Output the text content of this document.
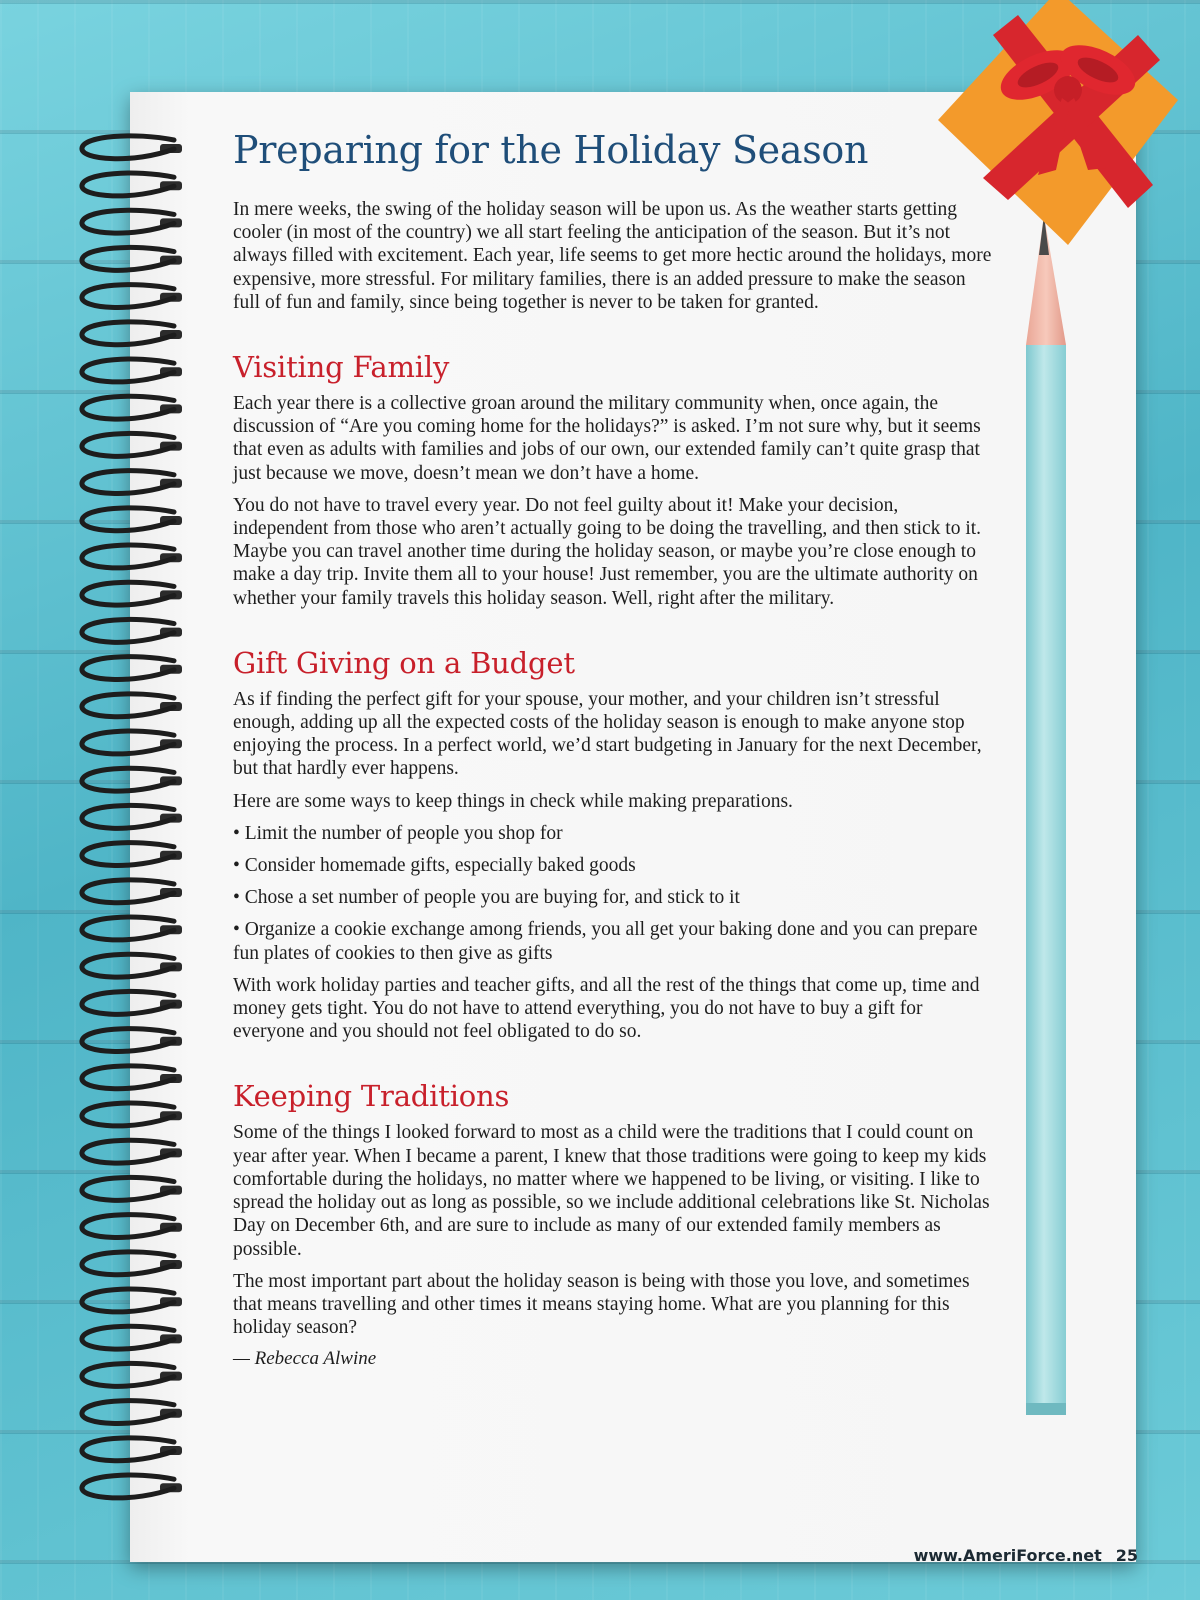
Preparing for the Holiday Season

In mere weeks, the swing of the holiday season will be upon us. As the weather starts getting cooler (in most of the country) we all start feeling the anticipation of the season. But it’s not always filled with excitement. Each year, life seems to get more hectic around the holidays, more expensive, more stressful. For military families, there is an added pressure to make the season full of fun and family, since being together is never to be taken for granted.

Visiting Family

Each year there is a collective groan around the military community when, once again, the discussion of “Are you coming home for the holidays?” is asked. I’m not sure why, but it seems that even as adults with families and jobs of our own, our extended family can’t quite grasp that just because we move, doesn’t mean we don’t have a home.

You do not have to travel every year. Do not feel guilty about it! Make your decision, independent from those who aren’t actually going to be doing the travelling, and then stick to it. Maybe you can travel another time during the holiday season, or maybe you’re close enough to make a day trip. Invite them all to your house! Just remember, you are the ultimate authority on whether your family travels this holiday season. Well, right after the military.

Gift Giving on a Budget

As if finding the perfect gift for your spouse, your mother, and your children isn’t stressful enough, adding up all the expected costs of the holiday season is enough to make anyone stop enjoying the process. In a perfect world, we’d start budgeting in January for the next December, but that hardly ever happens.

Here are some ways to keep things in check while making preparations.

• Limit the number of people you shop for

• Consider homemade gifts, especially baked goods

• Chose a set number of people you are buying for, and stick to it

• Organize a cookie exchange among friends, you all get your baking done and you can prepare fun plates of cookies to then give as gifts

With work holiday parties and teacher gifts, and all the rest of the things that come up, time and money gets tight. You do not have to attend everything, you do not have to buy a gift for everyone and you should not feel obligated to do so.

Keeping Traditions

Some of the things I looked forward to most as a child were the traditions that I could count on year after year. When I became a parent, I knew that those traditions were going to keep my kids comfortable during the holidays, no matter where we happened to be living, or visiting. I like to spread the holiday out as long as possible, so we include additional celebrations like St. Nicholas Day on December 6th, and are sure to include as many of our extended family members as possible.

The most important part about the holiday season is being with those you love, and sometimes that means travelling and other times it means staying home. What are you planning for this holiday season?

— Rebecca Alwine
www.AmeriForce.net 25
